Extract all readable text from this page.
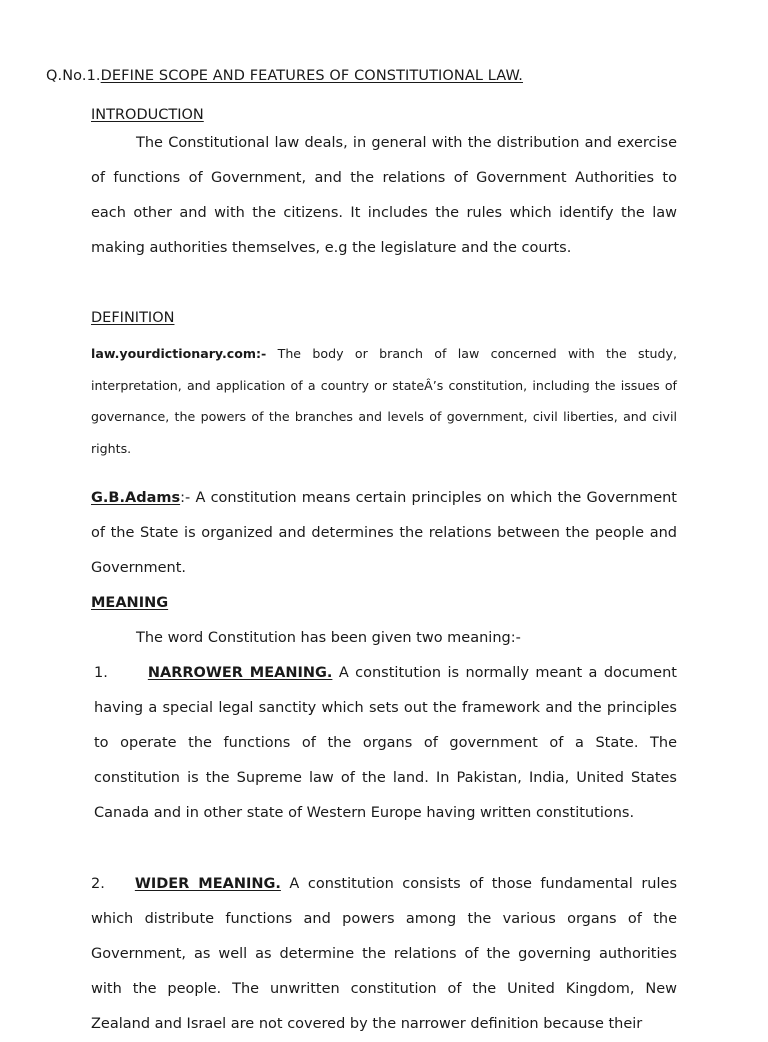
Q.No.1.DEFINE SCOPE AND FEATURES OF CONSTITUTIONAL LAW.
INTRODUCTION

The Constitutional law deals, in general with the distribution and exercise of functions of Government, and the relations of Government Authorities to each other and with the citizens. It includes the rules which identify the law making authorities themselves, e.g the legislature and the courts.

DEFINITION

law.yourdictionary.com:- The body or branch of law concerned with the study, interpretation, and application of a country or stateÂ’s constitution, including the issues of governance, the powers of the branches and levels of government, civil liberties, and civil rights.

G.B.Adams:- A constitution means certain principles on which the Government of the State is organized and determines the relations between the people and Government.

MEANING

The word Constitution has been given two meaning:-

1.	NARROWER MEANING. A constitution is normally meant a document having a special legal sanctity which sets out the framework and the principles to operate the functions of the organs of government of a State. The constitution is the Supreme law of the land. In Pakistan, India, United States Canada and in other state of Western Europe having written constitutions.

2. WIDER MEANING. A constitution consists of those fundamental rules which distribute functions and powers among the various organs of the Government, as well as determine the relations of the governing authorities with the people. The unwritten constitution of the United Kingdom, New Zealand and Israel are not covered by the narrower definition because their
